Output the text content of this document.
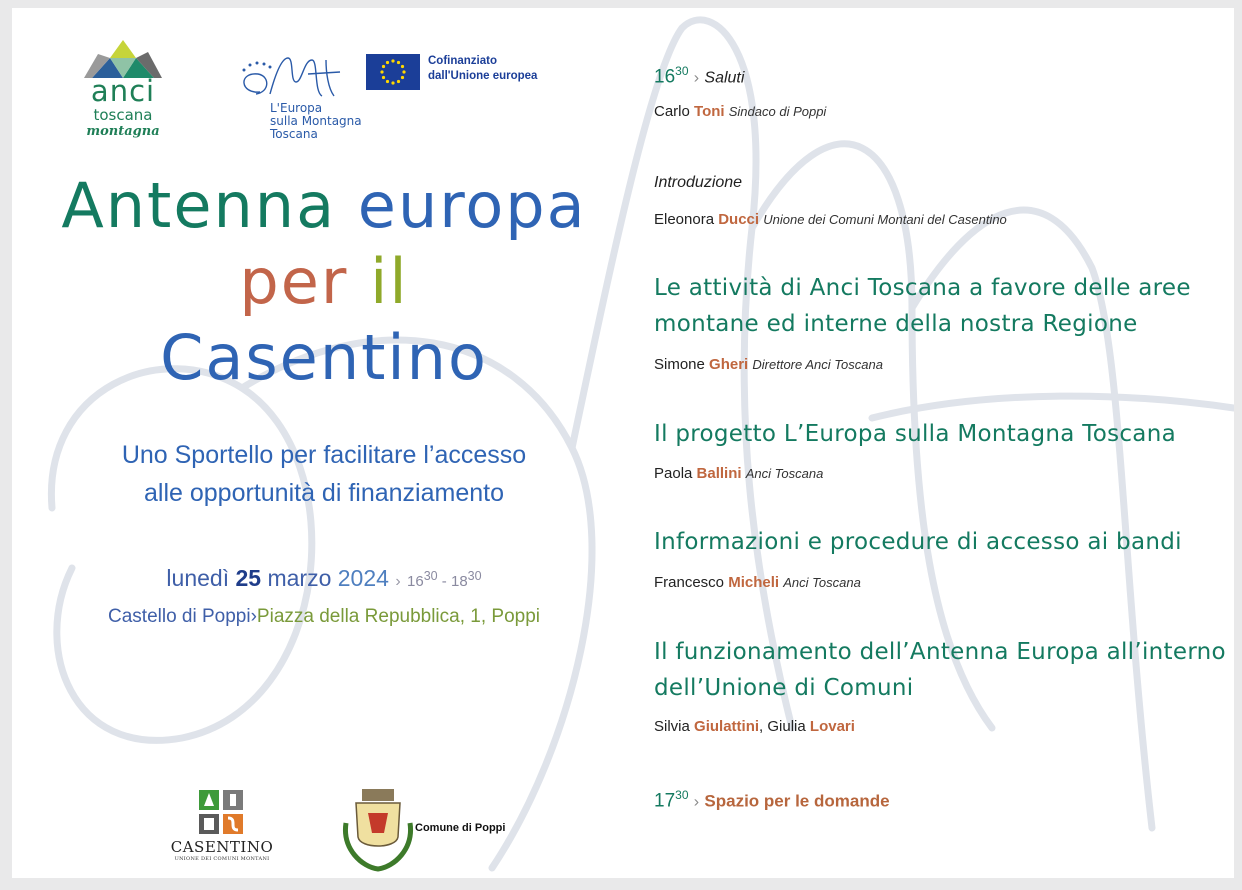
anci
toscana
montagna
L'Europa
sulla Montagna
Toscana
Cofinanziato
dall'Unione europea
Antenna europa
per il
Casentino
Uno Sportello per facilitare l’accesso
alle opportunità di finanziamento
lunedì 25 marzo 2024 › $16^{30} - 18^{30}$
Castello di Poppi›Piazza della Repubblica, 1, Poppi
CASENTINO
UNIONE DEI COMUNI MONTANI
Comune di Poppi
$16^{30}$ › Saluti
Carlo Toni Sindaco di Poppi
Introduzione
Eleonora Ducci Unione dei Comuni Montani del Casentino
Le attività di Anci Toscana a favore delle aree
montane ed interne della nostra Regione
Simone Gheri Direttore Anci Toscana
Il progetto L’Europa sulla Montagna Toscana
Paola Ballini Anci Toscana
Informazioni e procedure di accesso ai bandi
Francesco Micheli Anci Toscana
Il funzionamento dell’Antenna Europa all’interno
dell’Unione di Comuni
Silvia Giulattini, Giulia Lovari
$17^{30}$ › Spazio per le domande
